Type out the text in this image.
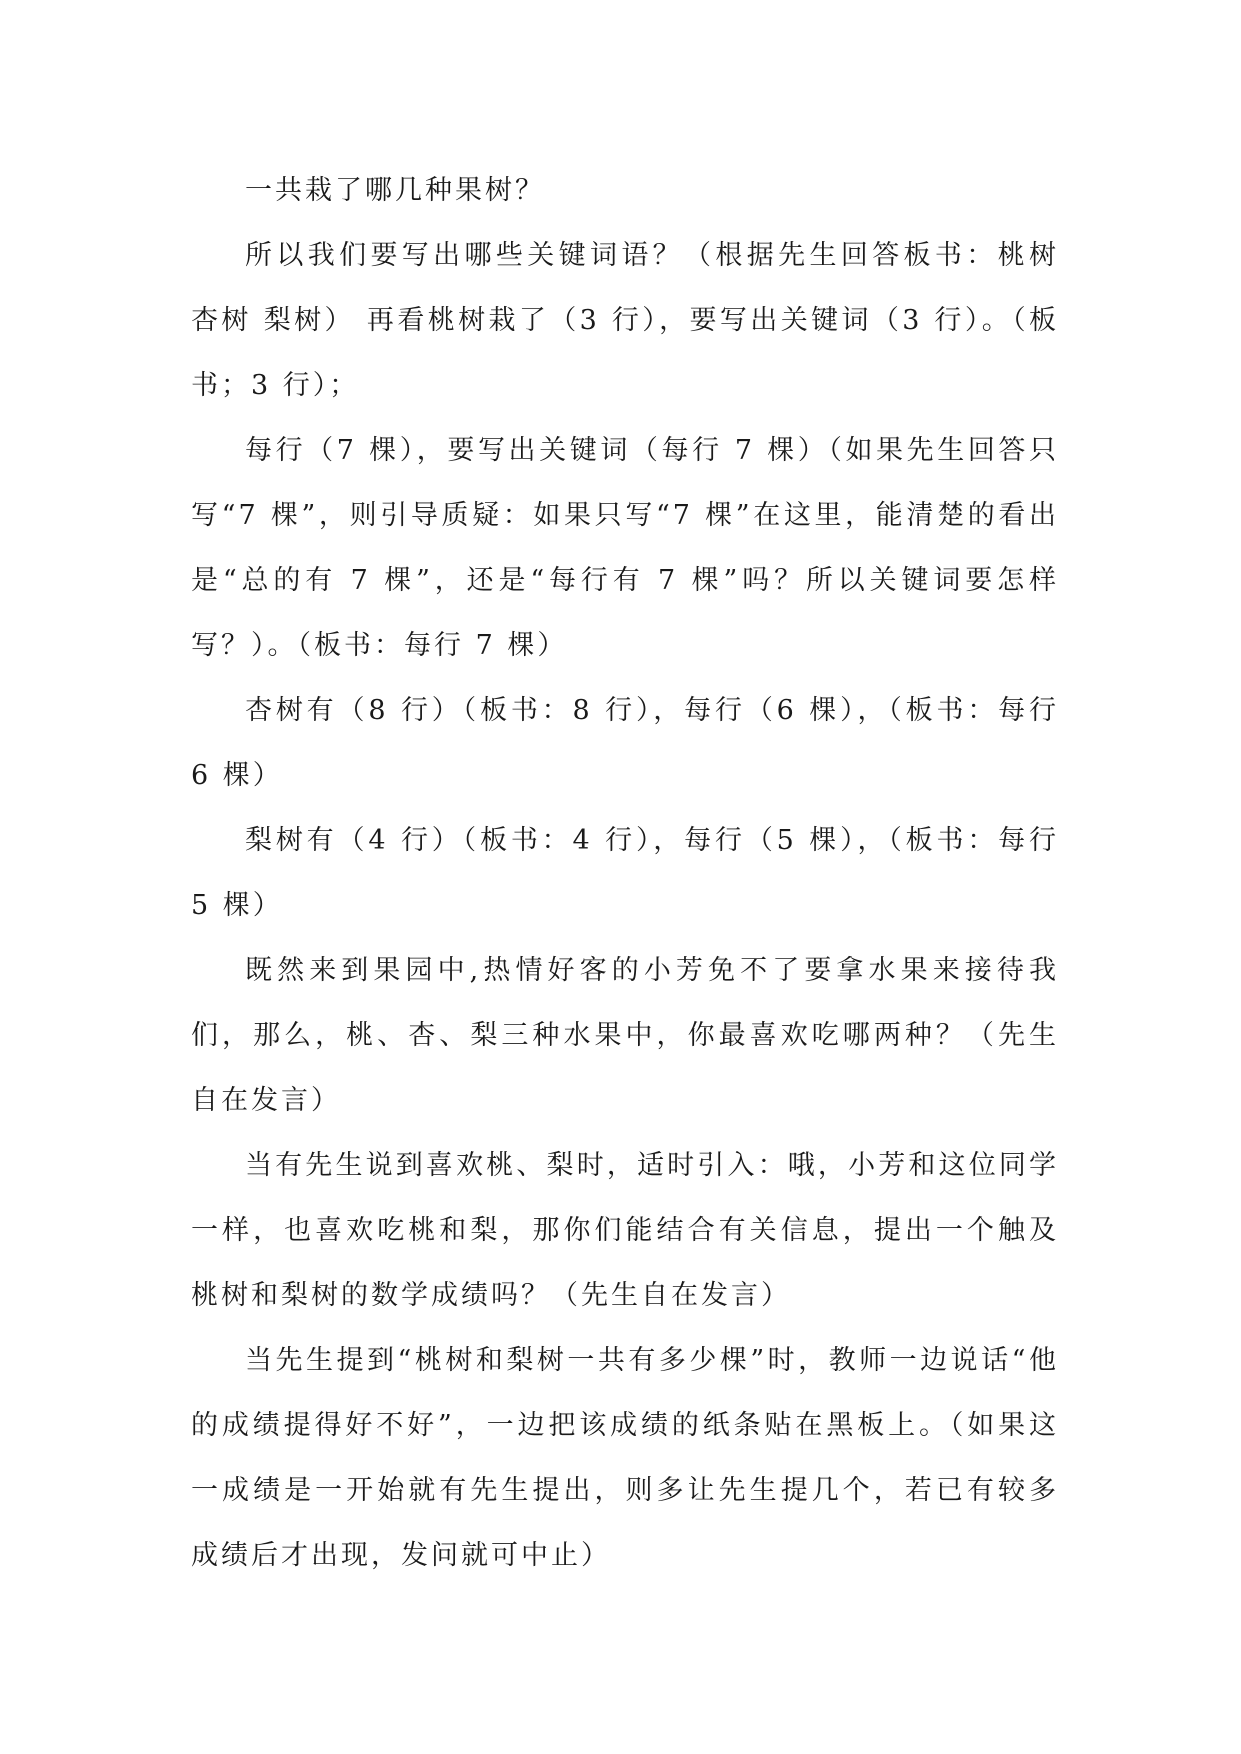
一共栽了哪几种果树？

所以我们要写出哪些关键词语？（根据先生回答板书：桃树 杏树 梨树） 再看桃树栽了（3 行），要写出关键词（3 行）。（板书；3 行）；

每行（7 棵），要写出关键词（每行 7 棵）（如果先生回答只写“7 棵”，则引导质疑：如果只写“7 棵”在这里，能清楚的看出是“总的有 7 棵”，还是“每行有 7 棵”吗？所以关键词要怎样写？）。（板书：每行 7 棵）

杏树有（8 行）（板书：8 行），每行（6 棵），（板书：每行 6 棵）

梨树有（4 行）（板书：4 行），每行（5 棵），（板书：每行 5 棵）

既然来到果园中,热情好客的小芳免不了要拿水果来接待我们，那么，桃、杏、梨三种水果中，你最喜欢吃哪两种？（先生自在发言）

当有先生说到喜欢桃、梨时，适时引入：哦，小芳和这位同学一样，也喜欢吃桃和梨，那你们能结合有关信息，提出一个触及桃树和梨树的数学成绩吗？（先生自在发言）

当先生提到“桃树和梨树一共有多少棵”时，教师一边说话“他的成绩提得好不好”，一边把该成绩的纸条贴在黑板上。（如果这一成绩是一开始就有先生提出，则多让先生提几个，若已有较多成绩后才出现，发问就可中止）
